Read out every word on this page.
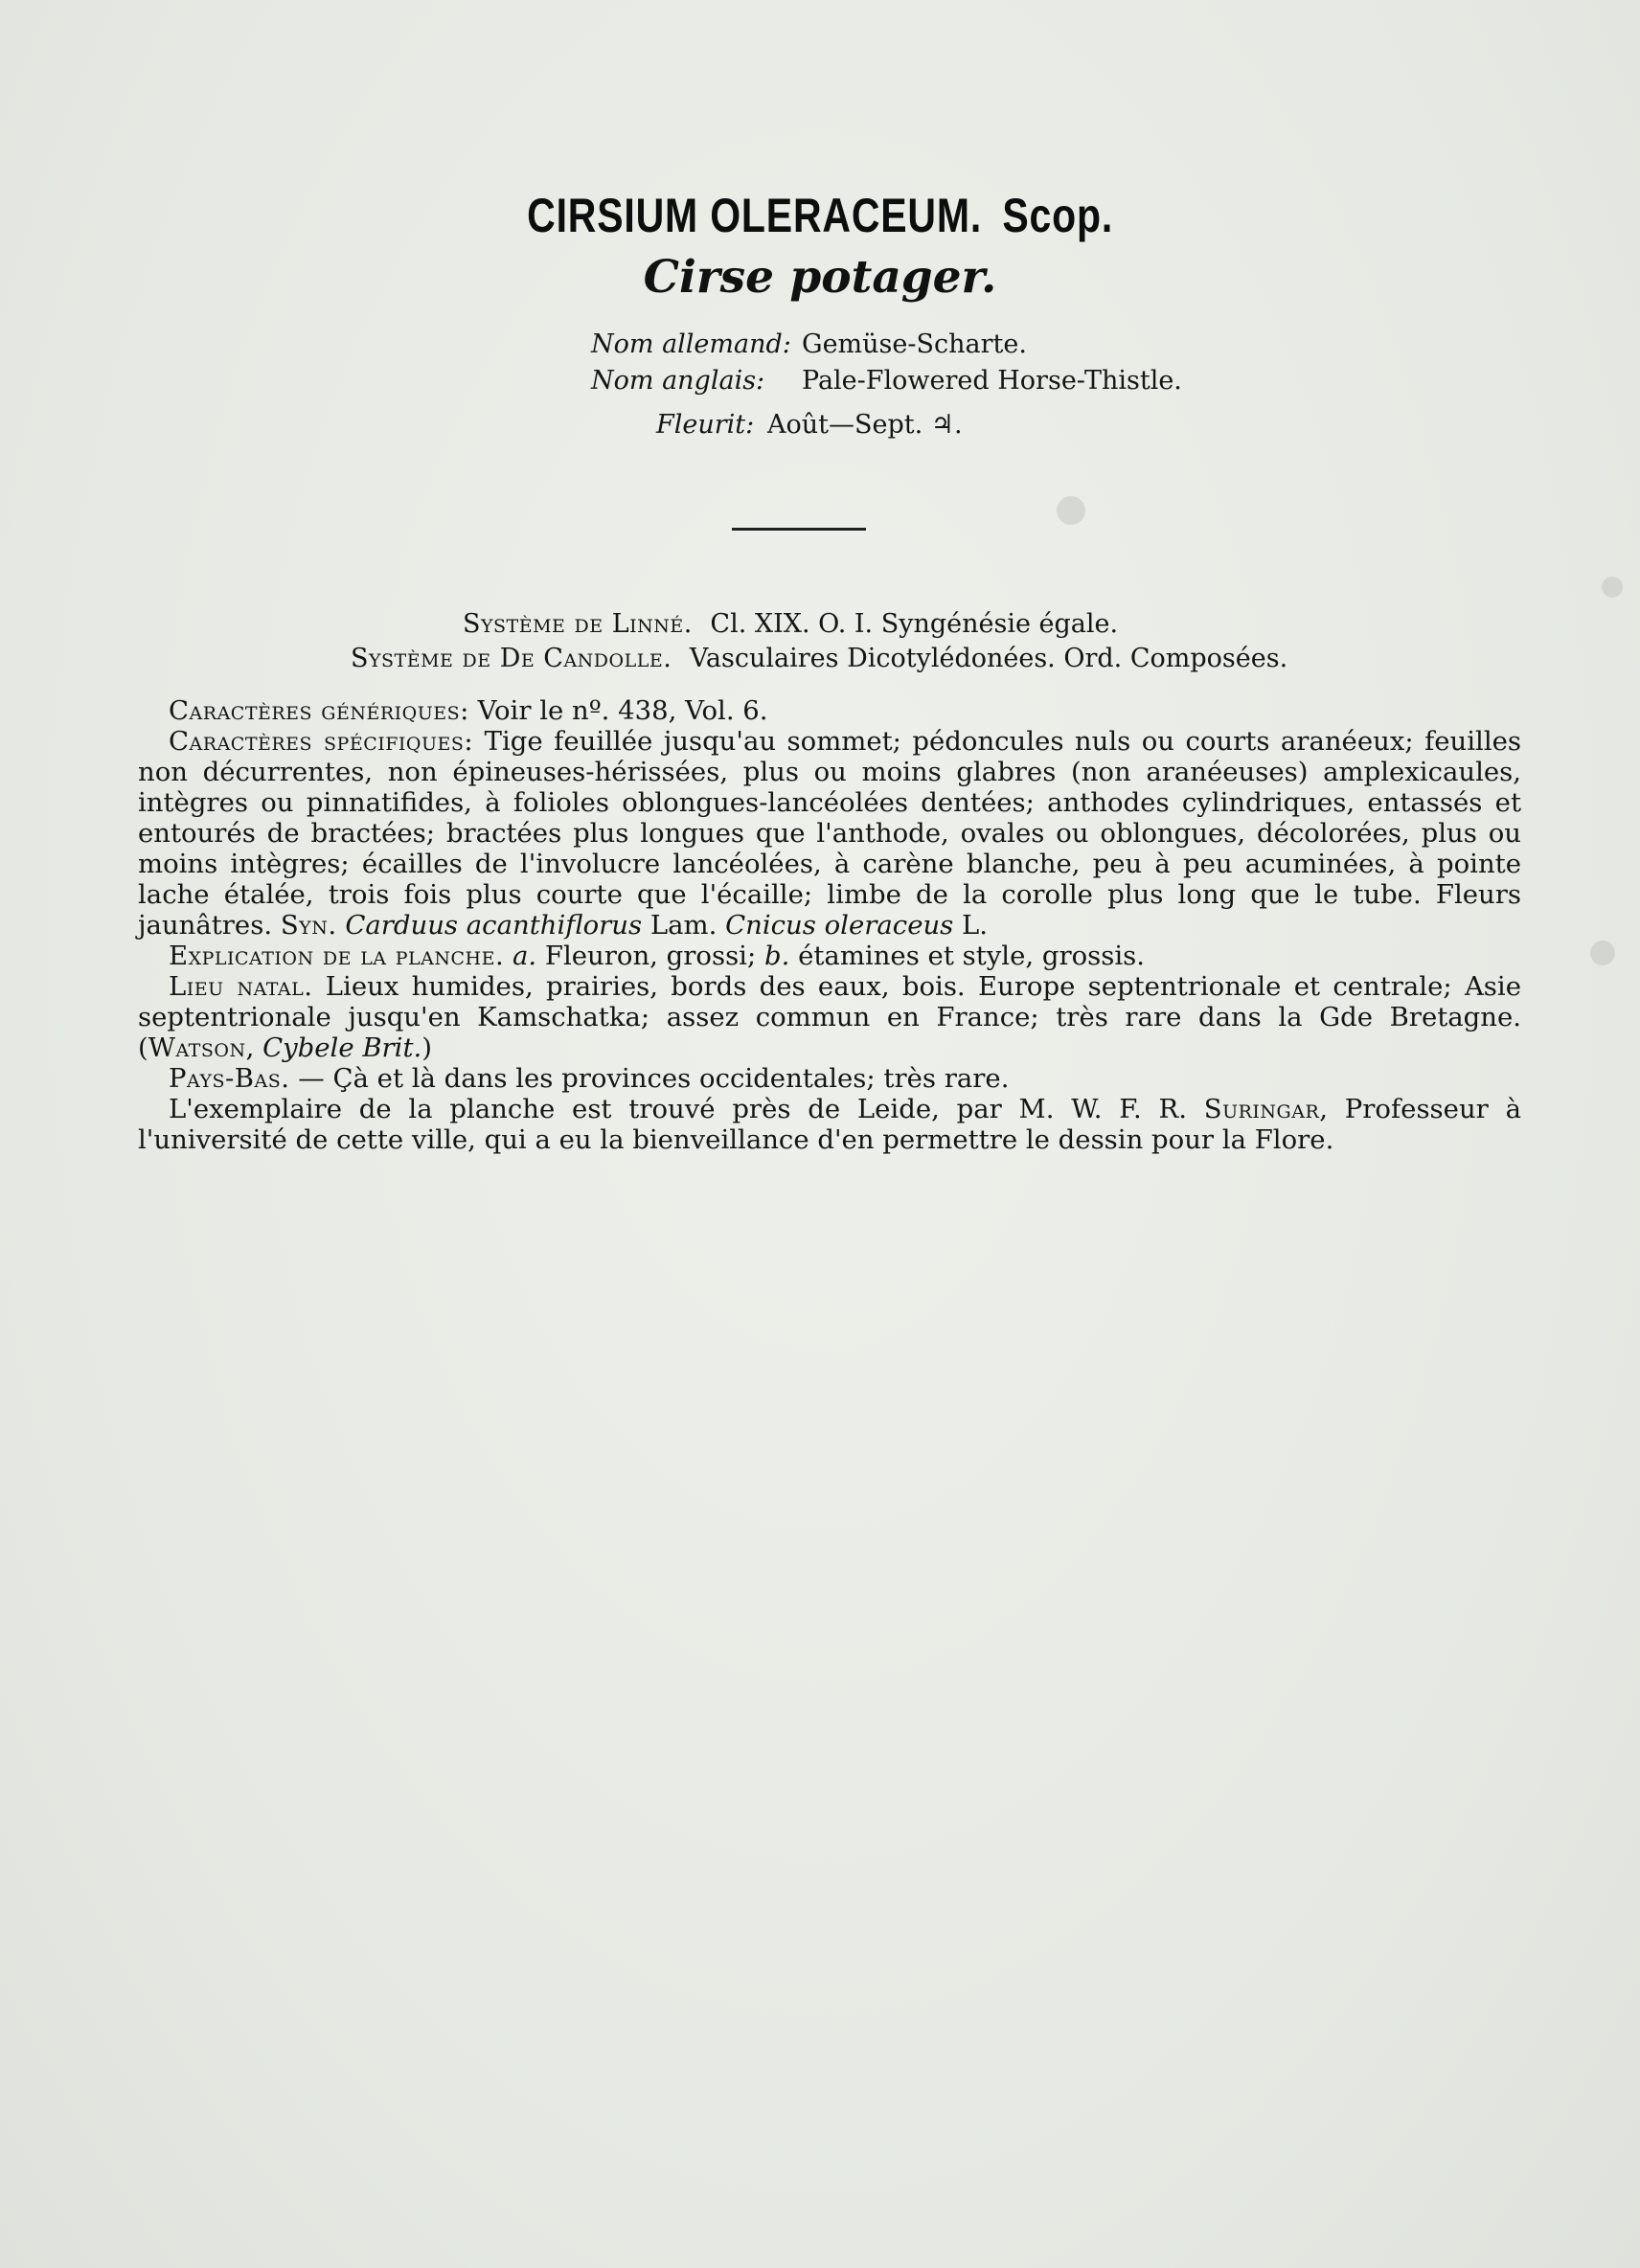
CIRSIUM OLERACEUM. Scop.
Cirse potager.
Nom allemand: Gemüse-Scharte.
Nom anglais: Pale-Flowered Horse-Thistle.
Fleurit: Août—Sept. ♃.
Système de Linné. Cl. XIX. O. I. Syngénésie égale.
Système de De Candolle. Vasculaires Dicotylédonées. Ord. Composées.

Caractères génériques: Voir le nº. 438, Vol. 6.

Caractères spécifiques: Tige feuillée jusqu'au sommet; pédoncules nuls ou courts aranéeux; feuilles non décurrentes, non épineuses-hérissées, plus ou moins glabres (non aranéeuses) amplexicaules, intègres ou pinnatifides, à folioles oblongues-lancéolées dentées; anthodes cylindriques, entassés et entourés de bractées; bractées plus longues que l'anthode, ovales ou oblongues, décolorées, plus ou moins intègres; écailles de l'involucre lancéolées, à carène blanche, peu à peu acuminées, à pointe lache étalée, trois fois plus courte que l'écaille; limbe de la corolle plus long que le tube. Fleurs jaunâtres. Syn. Carduus acanthiflorus Lam. Cnicus oleraceus L.

Explication de la planche. a. Fleuron, grossi; b. étamines et style, grossis.

Lieu natal. Lieux humides, prairies, bords des eaux, bois. Europe septentrionale et centrale; Asie septentrionale jusqu'en Kamschatka; assez commun en France; très rare dans la Gde Bretagne. (Watson, Cybele Brit.)

Pays-Bas. — Çà et là dans les provinces occidentales; très rare.

L'exemplaire de la planche est trouvé près de Leide, par M. W. F. R. Suringar, Professeur à l'université de cette ville, qui a eu la bienveillance d'en permettre le dessin pour la Flore.
